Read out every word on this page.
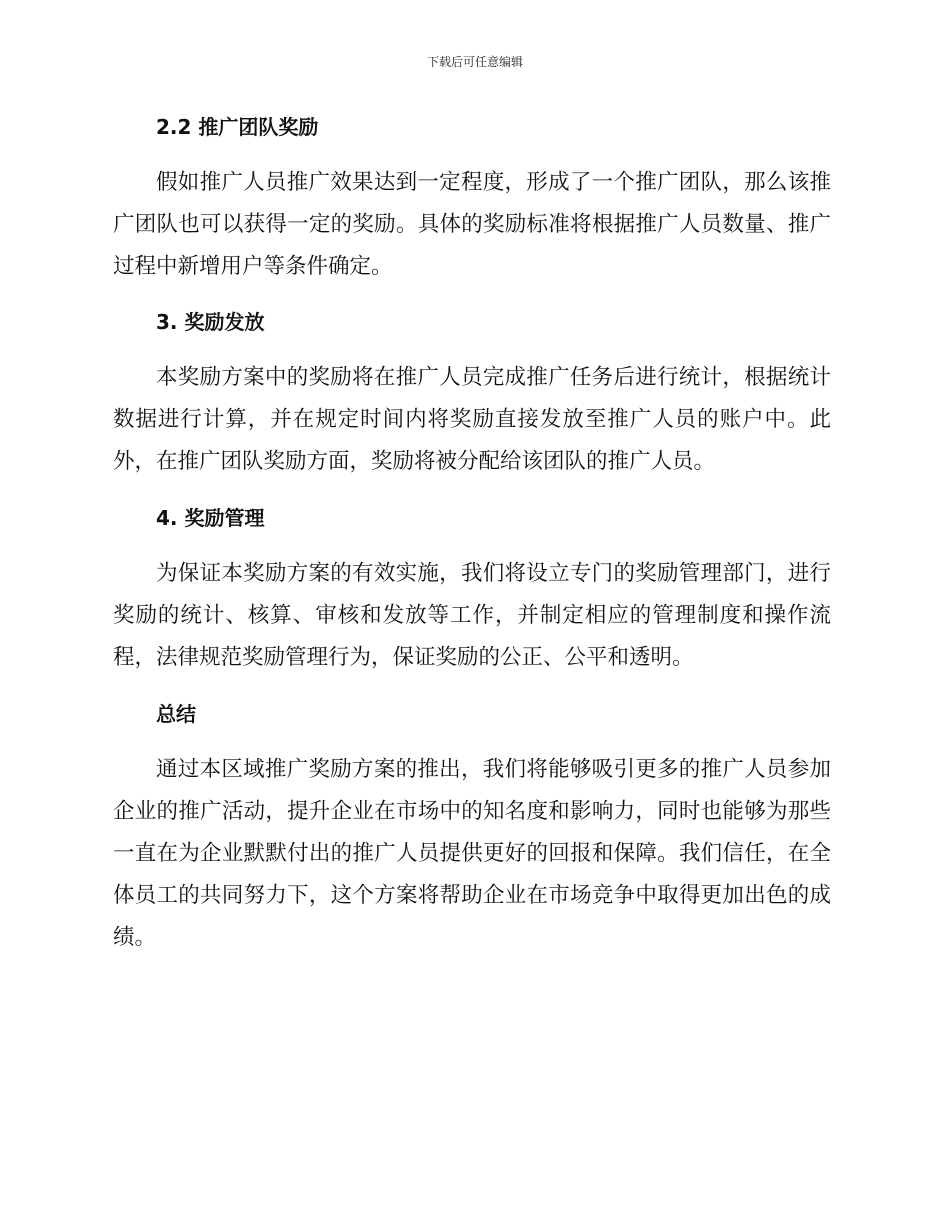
下载后可任意编辑
2.2 推广团队奖励

假如推广人员推广效果达到一定程度，形成了一个推广团队，那么该推广团队也可以获得一定的奖励。具体的奖励标准将根据推广人员数量、推广过程中新增用户等条件确定。

3. 奖励发放

本奖励方案中的奖励将在推广人员完成推广任务后进行统计，根据统计数据进行计算，并在规定时间内将奖励直接发放至推广人员的账户中。此外，在推广团队奖励方面，奖励将被分配给该团队的推广人员。

4. 奖励管理

为保证本奖励方案的有效实施，我们将设立专门的奖励管理部门，进行奖励的统计、核算、审核和发放等工作，并制定相应的管理制度和操作流程，法律规范奖励管理行为，保证奖励的公正、公平和透明。

总结

通过本区域推广奖励方案的推出，我们将能够吸引更多的推广人员参加企业的推广活动，提升企业在市场中的知名度和影响力，同时也能够为那些一直在为企业默默付出的推广人员提供更好的回报和保障。我们信任，在全体员工的共同努力下，这个方案将帮助企业在市场竞争中取得更加出色的成绩。
